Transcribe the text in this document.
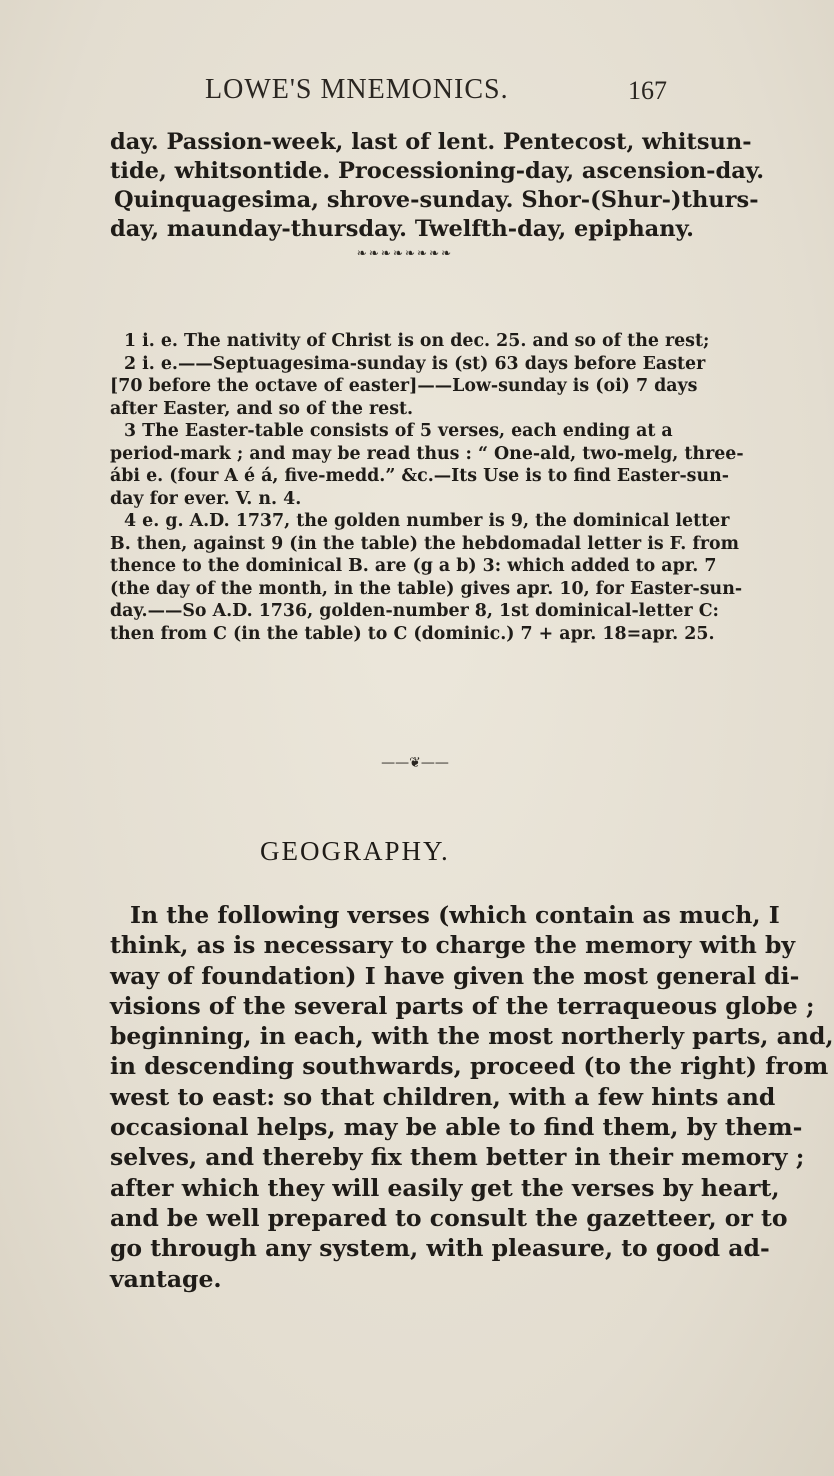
LOWE'S MNEMONICS.	167
day. Passion-week, last of lent. Pentecost, whitsun-
tide, whitsontide. Processioning-day, ascension-day.
Quinquagesima, shrove-sunday. Shor-(Shur-)thurs-
day, maunday-thursday. Twelfth-day, epiphany.
❧❧❧❧❧❧❧❧
1 i. e. The nativity of Christ is on dec. 25. and so of the rest;
2 i. e.——Septuagesima-sunday is (st) 63 days before Easter
[70 before the octave of easter]——Low-sunday is (oi) 7 days
after Easter, and so of the rest.
3 The Easter-table consists of 5 verses, each ending at a
period-mark ; and may be read thus : “ One-ald, two-melg, three-
ábi e. (four A é á, five-medd.” &c.—Its Use is to find Easter-sun-
day for ever. V. n. 4.
4 e. g. A.D. 1737, the golden number is 9, the dominical letter
B. then, against 9 (in the table) the hebdomadal letter is F. from
thence to the dominical B. are (g a b) 3: which added to apr. 7
(the day of the month, in the table) gives apr. 10, for Easter-sun-
day.——So A.D. 1736, golden-number 8, 1st dominical-letter C:
then from C (in the table) to C (dominic.) 7 + apr. 18=apr. 25.
——❦——
GEOGRAPHY.
In the following verses (which contain as much, I
think, as is necessary to charge the memory with by
way of foundation) I have given the most general di-
visions of the several parts of the terraqueous globe ;
beginning, in each, with the most northerly parts, and,
in descending southwards, proceed (to the right) from
west to east: so that children, with a few hints and
occasional helps, may be able to find them, by them-
selves, and thereby fix them better in their memory ;
after which they will easily get the verses by heart,
and be well prepared to consult the gazetteer, or to
go through any system, with pleasure, to good ad-
vantage.
